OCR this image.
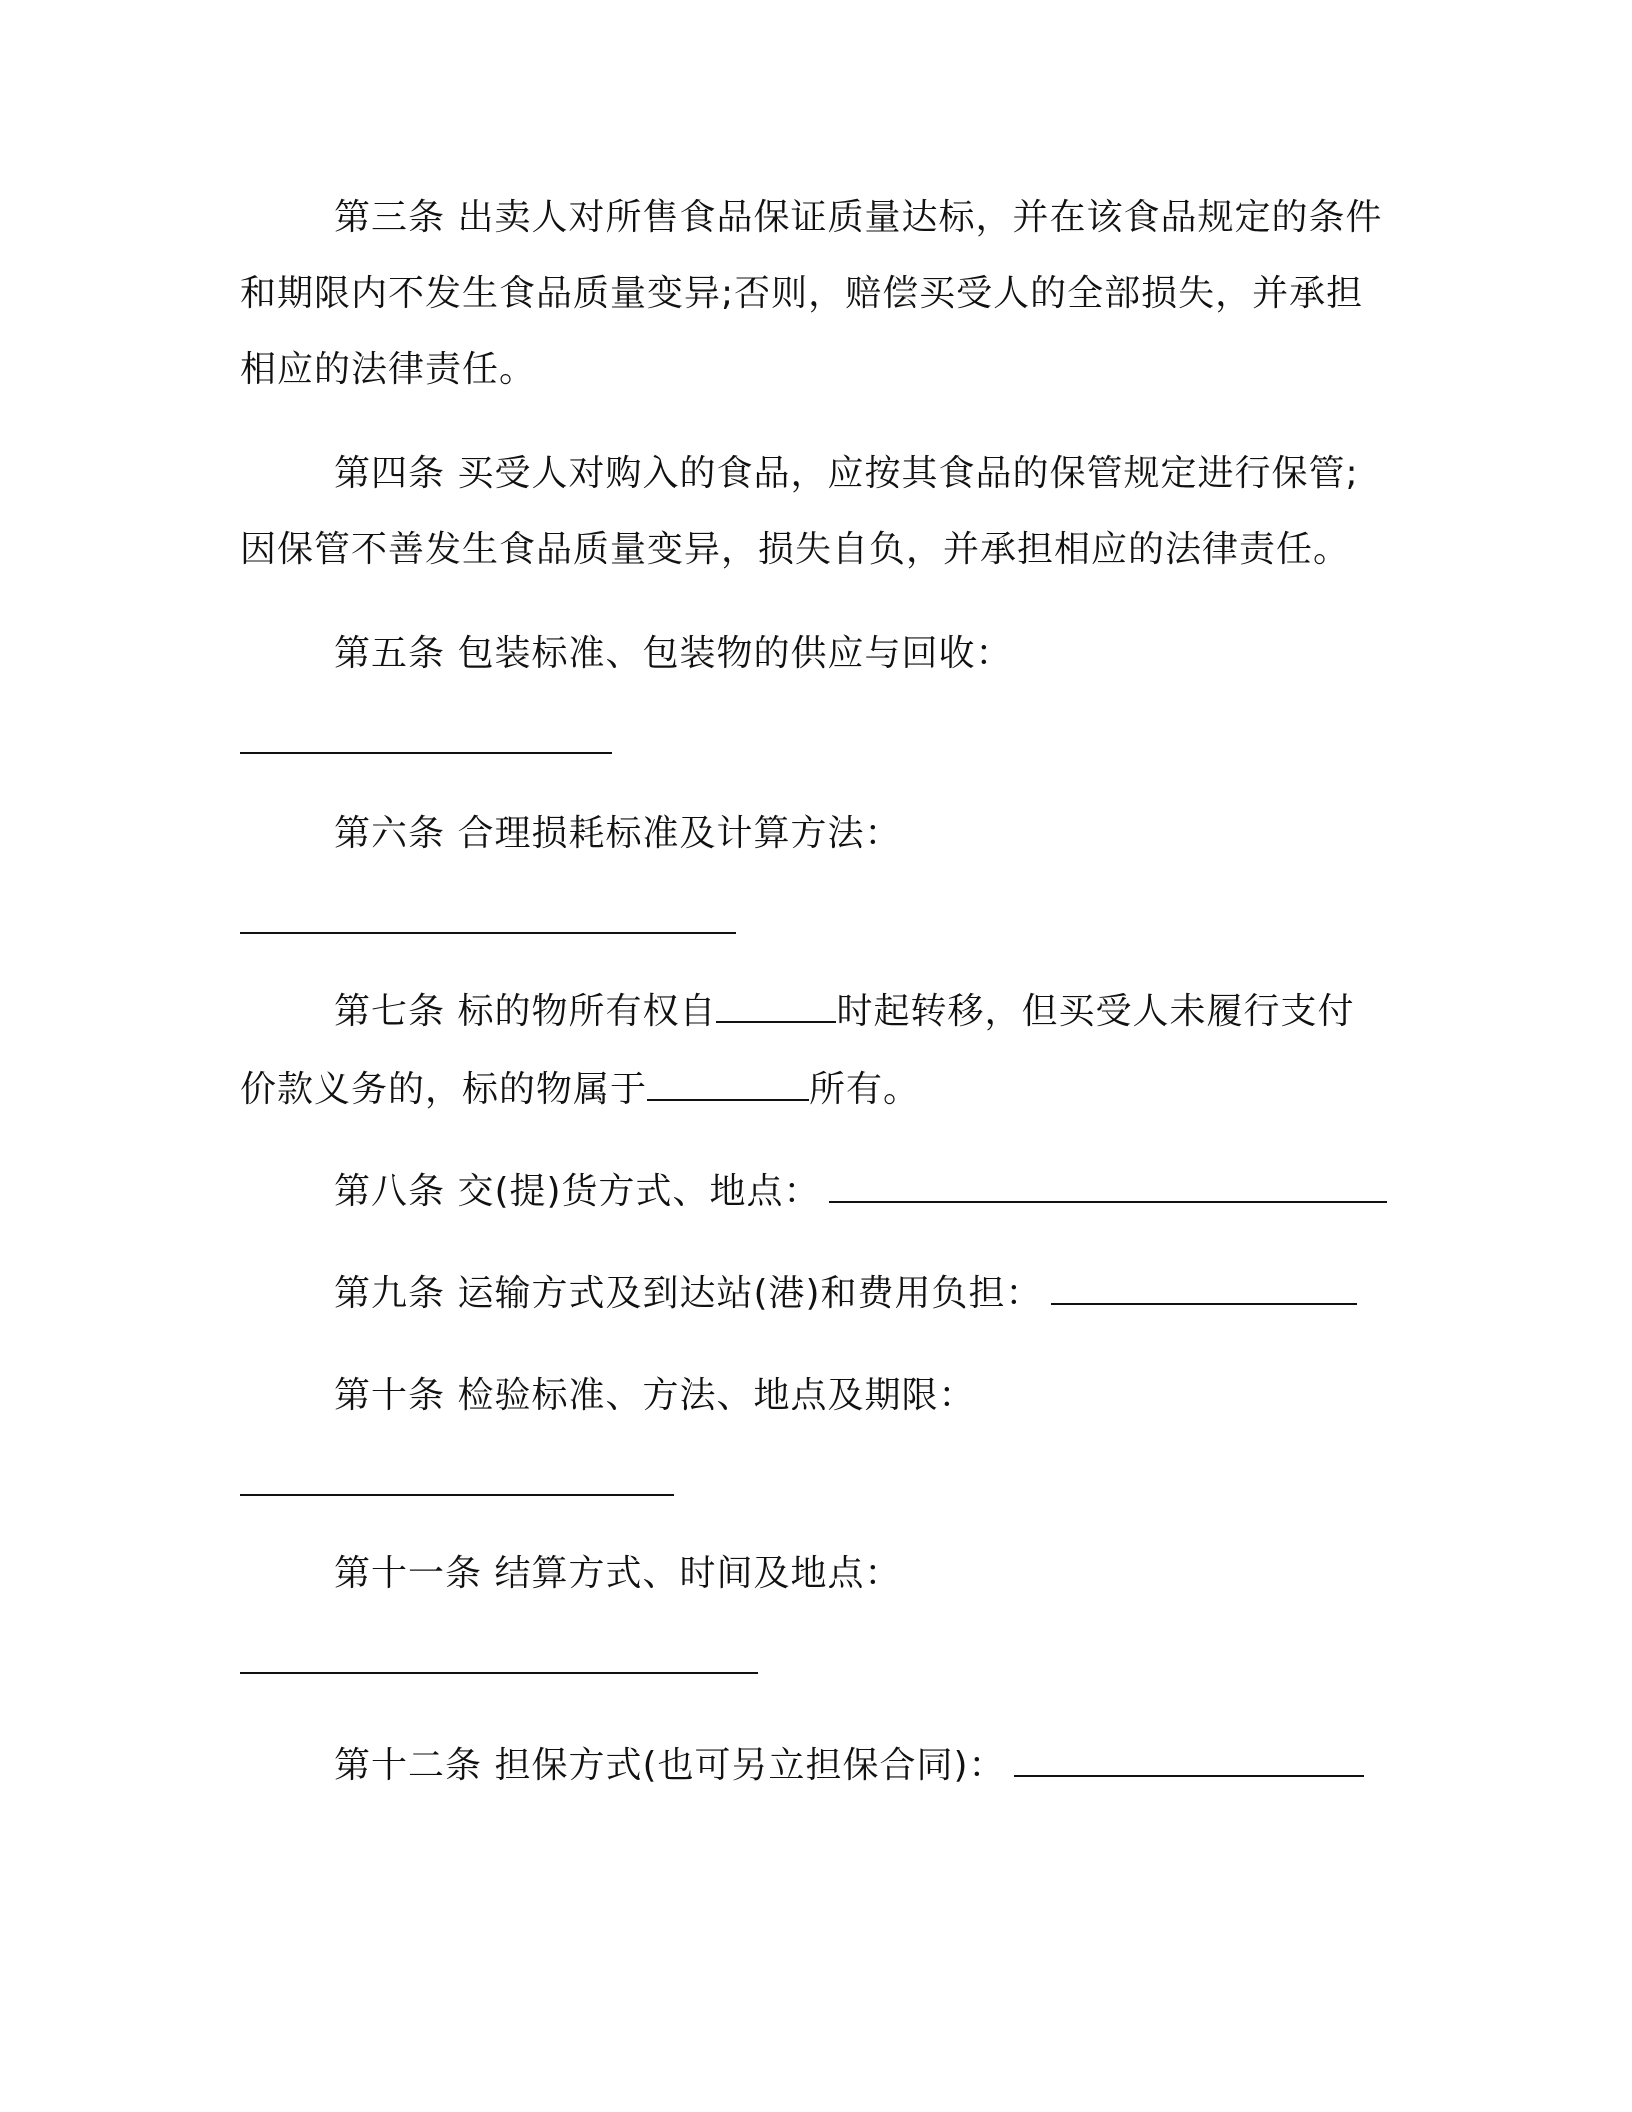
第三条 出卖人对所售食品保证质量达标，并在该食品规定的条件
和期限内不发生食品质量变异;否则，赔偿买受人的全部损失，并承担
相应的法律责任。
第四条 买受人对购入的食品，应按其食品的保管规定进行保管;
因保管不善发生食品质量变异，损失自负，并承担相应的法律责任。
第五条 包装标准、包装物的供应与回收：
第六条 合理损耗标准及计算方法：
第七条 标的物所有权自	时起转移，但买受人未履行支付
价款义务的，标的物属于	所有。
第八条 交(提)货方式、地点：
第九条 运输方式及到达站(港)和费用负担：
第十条 检验标准、方法、地点及期限：
第十一条 结算方式、时间及地点：
第十二条 担保方式(也可另立担保合同)：
